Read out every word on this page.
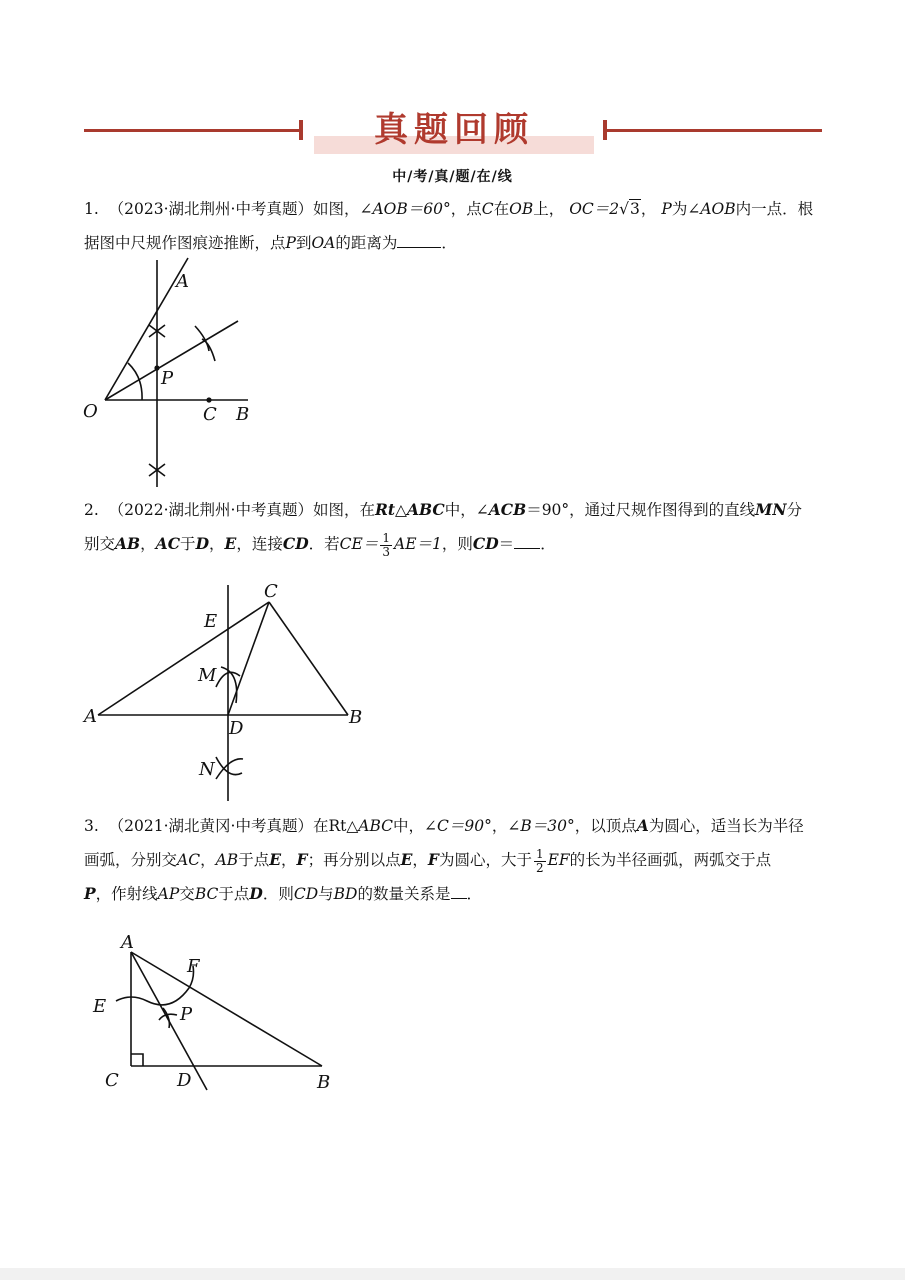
真题回顾
中/考/真/题/在/线
1. （2023·湖北荆州·中考真题）如图，∠AOB＝60°，点C在OB上， OC＝2√3， P为∠AOB内一点．根
据图中尺规作图痕迹推断，点P到OA的距离为	．
A
P
O	C B
2. （2022·湖北荆州·中考真题）如图，在Rt△ABC中，∠ACB＝90°，通过尺规作图得到的直线MN分
别交AB，AC于D，E，连接CD．若$CE= \frac{1}{3} AE=1$，则CD＝ ．
C
E
M
A
D
B
N
3. （2021·湖北黄冈·中考真题）在Rt△ABC中，∠C＝90°，∠B＝30°，以顶点A为圆心，适当长为半径
画弧，分别交AC，AB于点E，F；再分别以点E，F为圆心，大于 $\frac{1}{2}$ EF的长为半径画弧，两弧交于点
P，作射线AP交BC于点D．则CD与BD的数量关系是 ．
A
F
E	P
C	D	B
